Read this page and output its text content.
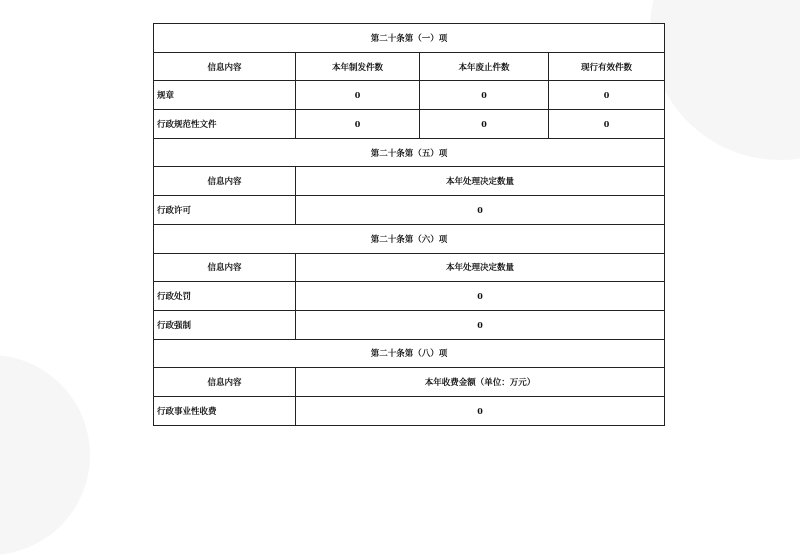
第二十条第（一）项			
信息内容	本年制发件数	本年废止件数	现行有效件数
规章	0	0	0
行政规范性文件	0	0	0
第二十条第（五）项			
信息内容	本年处理决定数量		
行政许可	0		
第二十条第（六）项			
信息内容	本年处理决定数量		
行政处罚	0		
行政强制	0		
第二十条第（八）项			
信息内容	本年收费金额（单位：万元）		
行政事业性收费	0		
